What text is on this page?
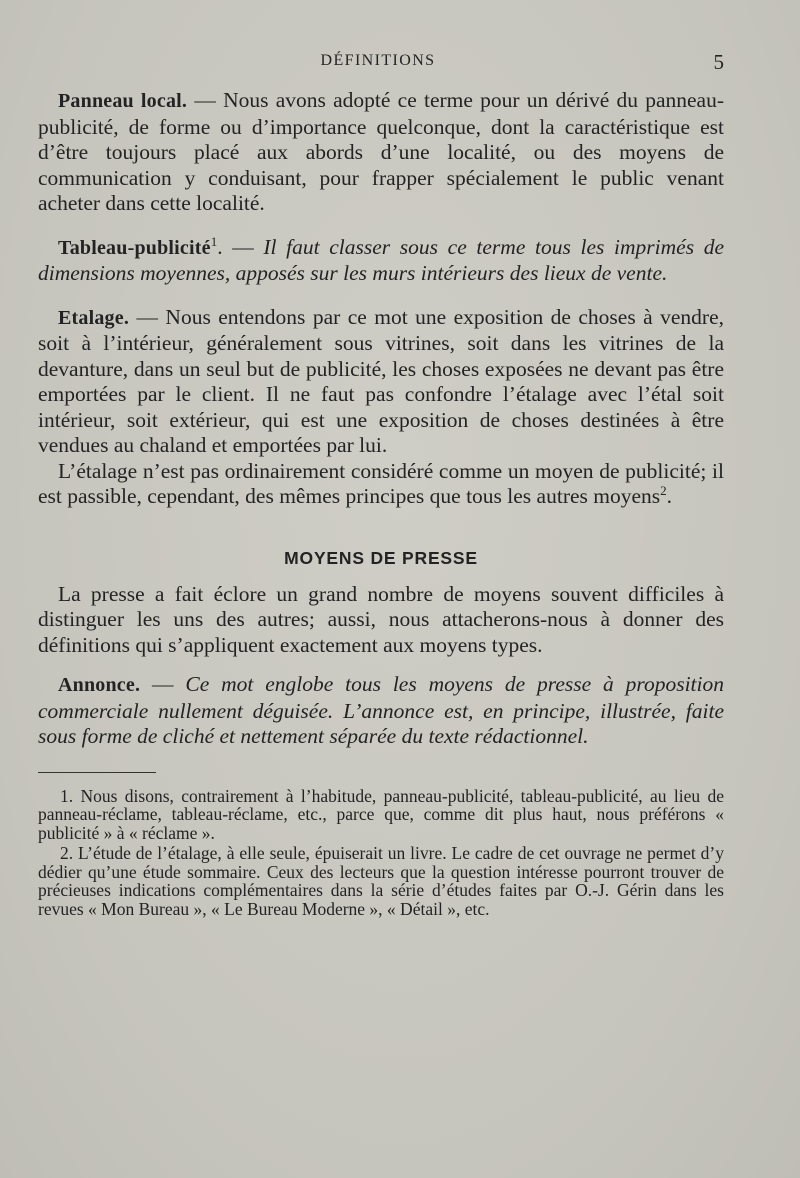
DÉFINITIONS	5

Panneau local. — Nous avons adopté ce terme pour un dérivé du panneau-publicité, de forme ou d’importance quelconque, dont la caractéristique est d’être toujours placé aux abords d’une localité, ou des moyens de communication y conduisant, pour frapper spécialement le public venant acheter dans cette localité.

Tableau-publicité$^1$. — Il faut classer sous ce terme tous les imprimés de dimensions moyennes, apposés sur les murs intérieurs des lieux de vente.

Etalage. — Nous entendons par ce mot une exposition de choses à vendre, soit à l’intérieur, généralement sous vitrines, soit dans les vitrines de la devanture, dans un seul but de publicité, les choses exposées ne devant pas être emportées par le client. Il ne faut pas confondre l’étalage avec l’étal soit intérieur, soit extérieur, qui est une exposition de choses destinées à être vendues au chaland et emportées par lui.

L’étalage n’est pas ordinairement considéré comme un moyen de publicité; il est passible, cependant, des mêmes principes que tous les autres moyens$^2$.

MOYENS DE PRESSE

La presse a fait éclore un grand nombre de moyens souvent difficiles à distinguer les uns des autres; aussi, nous attacherons-nous à donner des définitions qui s’appliquent exactement aux moyens types.

Annonce. — Ce mot englobe tous les moyens de presse à proposition commerciale nullement déguisée. L’annonce est, en principe, illustrée, faite sous forme de cliché et nettement séparée du texte rédactionnel.

1. Nous disons, contrairement à l’habitude, panneau-publicité, tableau-publicité, au lieu de panneau-réclame, tableau-réclame, etc., parce que, comme dit plus haut, nous préférons « publicité » à « réclame ».

2. L’étude de l’étalage, à elle seule, épuiserait un livre. Le cadre de cet ouvrage ne permet d’y dédier qu’une étude sommaire. Ceux des lecteurs que la question intéresse pourront trouver de précieuses indications complémentaires dans la série d’études faites par O.-J. Gérin dans les revues « Mon Bureau », « Le Bureau Moderne », « Détail », etc.
